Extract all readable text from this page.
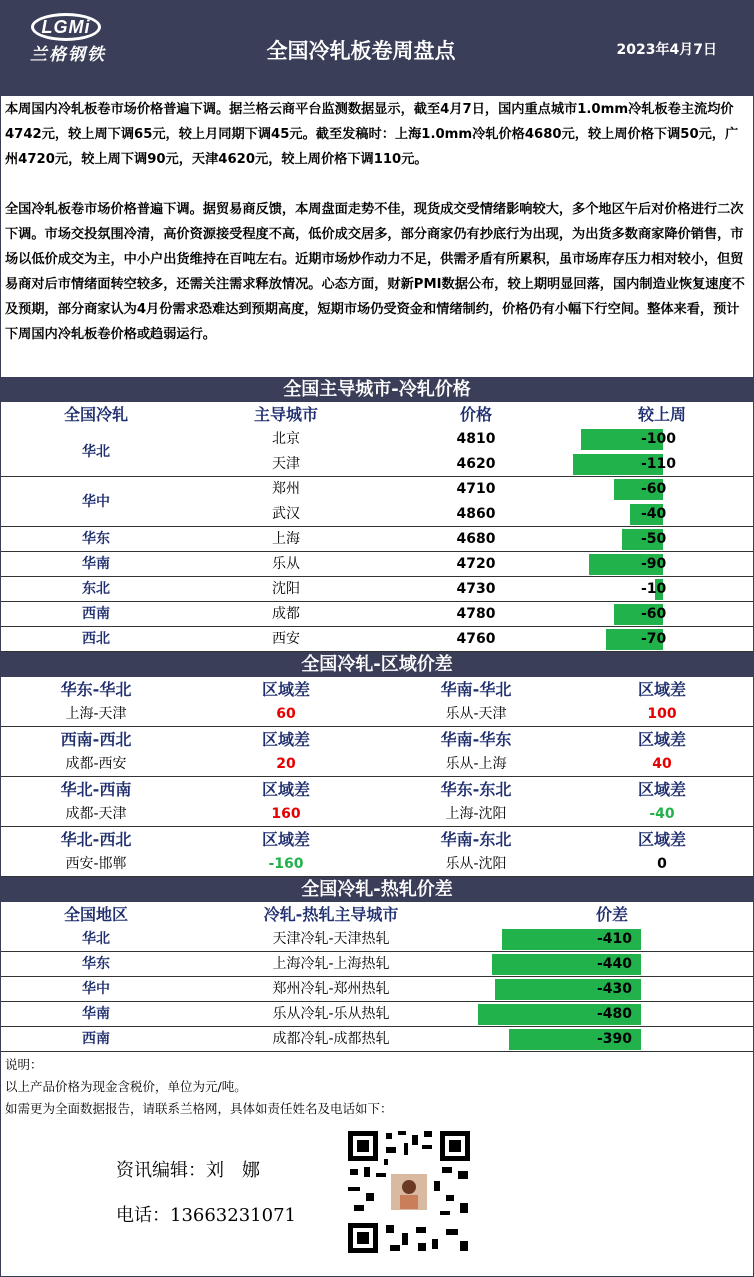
LGMi
兰格钢铁	全国冷轧板卷周盘点	2023年4月7日

本周国内冷轧板卷市场价格普遍下调。据兰格云商平台监测数据显示，截至4月7日，国内重点城市1.0mm冷轧板卷主流均价4742元，较上周下调65元，较上月同期下调45元。截至发稿时：上海1.0mm冷轧价格4680元，较上周价格下调50元，广州4720元，较上周下调90元，天津4620元，较上周价格下调110元。

全国冷轧板卷市场价格普遍下调。据贸易商反馈，本周盘面走势不佳，现货成交受情绪影响较大，多个地区午后对价格进行二次下调。市场交投氛围冷清，高价资源接受程度不高，低价成交居多，部分商家仍有抄底行为出现，为出货多数商家降价销售，市场以低价成交为主，中小户出货维持在百吨左右。近期市场炒作动力不足，供需矛盾有所累积，虽市场库存压力相对较小，但贸易商对后市情绪面转空较多，还需关注需求释放情况。心态方面，财新PMI数据公布，较上期明显回落，国内制造业恢复速度不及预期，部分商家认为4月份需求恐难达到预期高度，短期市场仍受资金和情绪制约，价格仍有小幅下行空间。整体来看，预计下周国内冷轧板卷价格或趋弱运行。

全国主导城市-冷轧价格
全国冷轧	主导城市	价格	较上周
华北
北京	4810	-100
天津	4620	-110
华中
郑州	4710	-60
武汉	4860	-40
华东	上海	4680	-50
华南	乐从	4720	-90
东北	沈阳	4730	-10
西南	成都	4780	-60
西北	西安	4760	-70
全国冷轧-区域价差
华东-华北	区域差	华南-华北	区域差
上海-天津	60	乐从-天津	100
西南-西北	区域差	华南-华东	区域差
成都-西安	20	乐从-上海	40
华北-西南	区域差	华东-东北	区域差
成都-天津	160	上海-沈阳	-40
华北-西北	区域差	华南-东北	区域差
西安-邯郸	-160	乐从-沈阳	0
全国冷轧-热轧价差
全国地区	冷轧-热轧主导城市	价差
华北	天津冷轧-天津热轧	-410
华东	上海冷轧-上海热轧	-440
华中	郑州冷轧-郑州热轧	-430
华南	乐从冷轧-乐从热轧	-480
西南	成都冷轧-成都热轧	-390
说明：
以上产品价格为现金含税价，单位为元/吨。
如需更为全面数据报告，请联系兰格网，具体如责任姓名及电话如下：
资讯编辑：刘　娜
电话：13663231071
